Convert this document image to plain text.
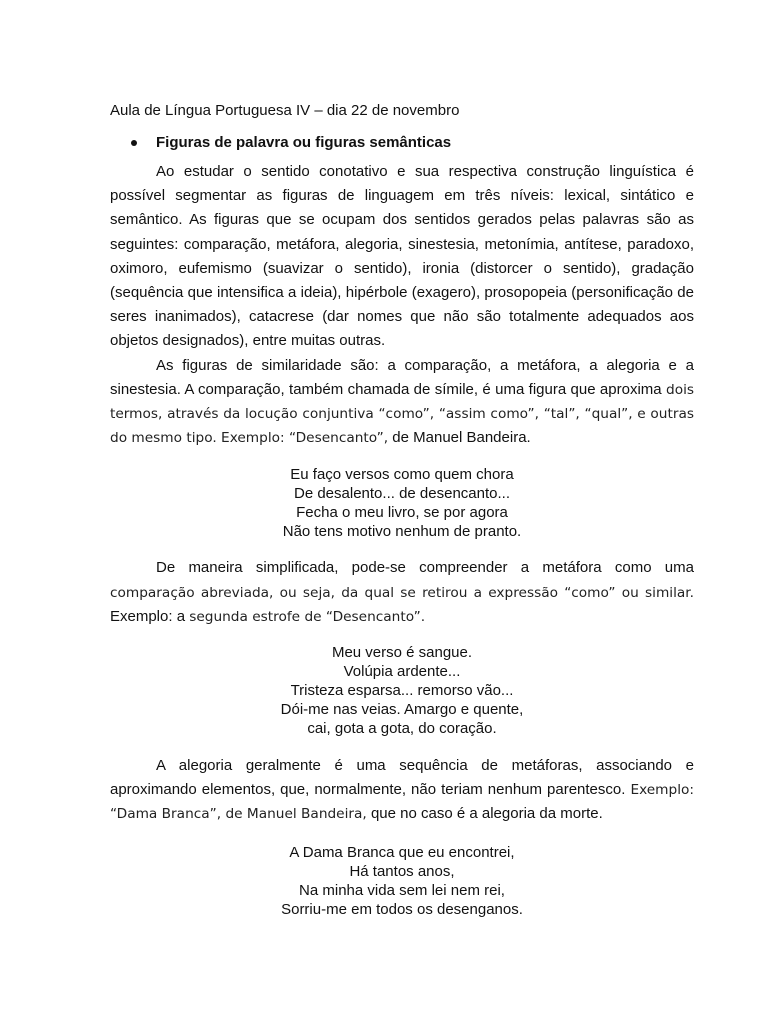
Aula de Língua Portuguesa IV – dia 22 de novembro

Figuras de palavra ou figuras semânticas

Ao estudar o sentido conotativo e sua respectiva construção linguística é possível segmentar as figuras de linguagem em três níveis: lexical, sintático e semântico. As figuras que se ocupam dos sentidos gerados pelas palavras são as seguintes: comparação, metáfora, alegoria, sinestesia, metonímia, antítese, paradoxo, oximoro, eufemismo (suavizar o sentido), ironia (distorcer o sentido), gradação (sequência que intensifica a ideia), hipérbole (exagero), prosopopeia (personificação de seres inanimados), catacrese (dar nomes que não são totalmente adequados aos objetos designados), entre muitas outras.

As figuras de similaridade são: a comparação, a metáfora, a alegoria e a sinestesia. A comparação, também chamada de símile, é uma figura que aproxima dois termos, através da locução conjuntiva “como”, “assim como”, “tal”, “qual”, e outras do mesmo tipo. Exemplo: “Desencanto”, de Manuel Bandeira.

Eu faço versos como quem chora
De desalento... de desencanto...
Fecha o meu livro, se por agora
Não tens motivo nenhum de pranto.

De maneira simplificada, pode-se compreender a metáfora como uma comparação abreviada, ou seja, da qual se retirou a expressão “como” ou similar. Exemplo: a segunda estrofe de “Desencanto”.

Meu verso é sangue.
Volúpia ardente...
Tristeza esparsa... remorso vão...
Dói-me nas veias. Amargo e quente,
cai, gota a gota, do coração.

A alegoria geralmente é uma sequência de metáforas, associando e aproximando elementos, que, normalmente, não teriam nenhum parentesco. Exemplo: “Dama Branca”, de Manuel Bandeira, que no caso é a alegoria da morte.

A Dama Branca que eu encontrei,
Há tantos anos,
Na minha vida sem lei nem rei,
Sorriu-me em todos os desenganos.
